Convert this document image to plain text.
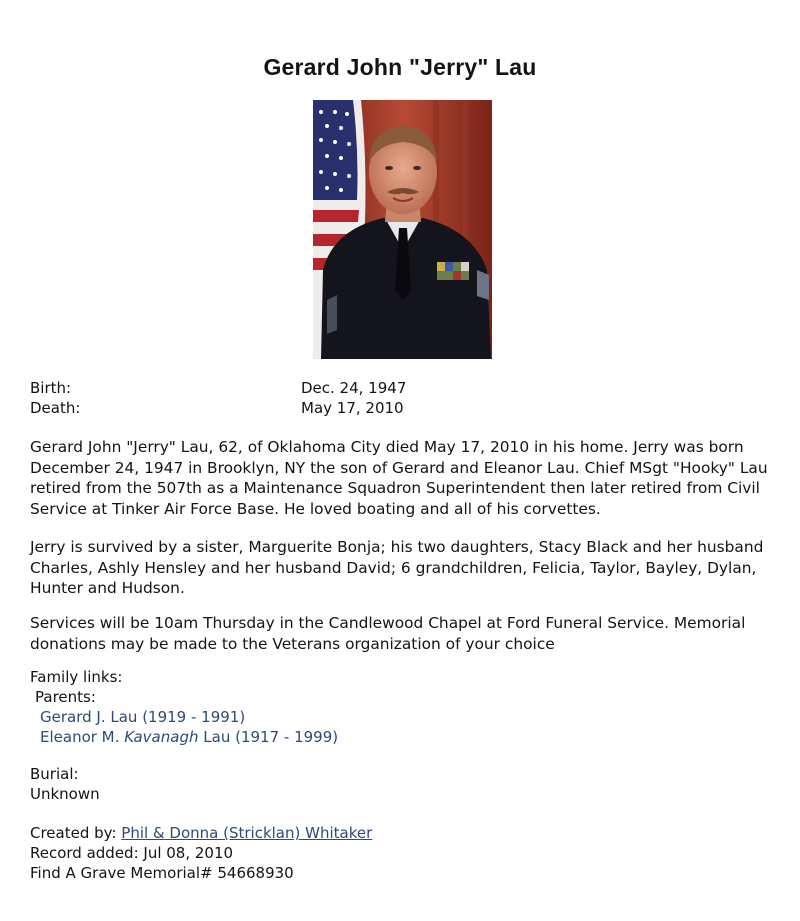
Gerard John "Jerry" Lau
Birth:	Dec. 24, 1947
Death:	May 17, 2010
Gerard John "Jerry" Lau, 62, of Oklahoma City died May 17, 2010 in his home. Jerry was born December 24, 1947 in Brooklyn, NY the son of Gerard and Eleanor Lau. Chief MSgt "Hooky" Lau retired from the 507th as a Maintenance Squadron Superintendent then later retired from Civil Service at Tinker Air Force Base. He loved boating and all of his corvettes.
Jerry is survived by a sister, Marguerite Bonja; his two daughters, Stacy Black and her husband Charles, Ashly Hensley and her husband David; 6 grandchildren, Felicia, Taylor, Bayley, Dylan, Hunter and Hudson.
Services will be 10am Thursday in the Candlewood Chapel at Ford Funeral Service. Memorial donations may be made to the Veterans organization of your choice
Family links:
Parents:
Gerard J. Lau (1919 - 1991)
Eleanor M. Kavanagh Lau (1917 - 1999)
Burial:
Unknown
Created by: Phil & Donna (Stricklan) Whitaker
Record added: Jul 08, 2010
Find A Grave Memorial# 54668930
